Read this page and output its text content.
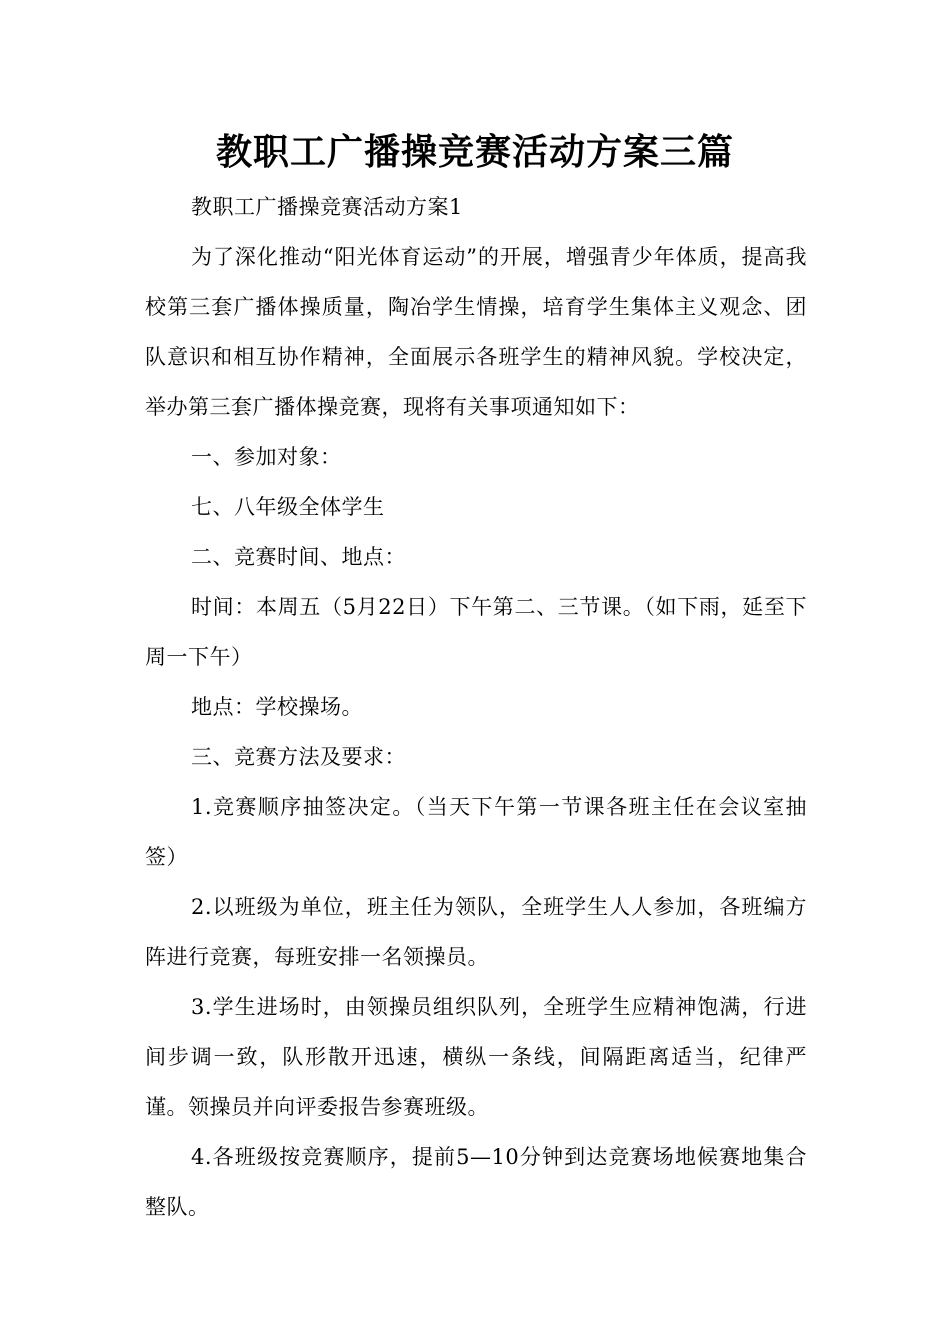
教职工广播操竞赛活动方案三篇

教职工广播操竞赛活动方案1

为了深化推动“阳光体育运动”的开展，增强青少年体质，提高我校第三套广播体操质量，陶冶学生情操，培育学生集体主义观念、团队意识和相互协作精神，全面展示各班学生的精神风貌。学校决定，举办第三套广播体操竞赛，现将有关事项通知如下：

一、参加对象：

七、八年级全体学生

二、竞赛时间、地点：

时间：本周五（5月22日）下午第二、三节课。（如下雨，延至下周一下午）

地点：学校操场。

三、竞赛方法及要求：

1.竞赛顺序抽签决定。（当天下午第一节课各班主任在会议室抽签）

2.以班级为单位，班主任为领队，全班学生人人参加，各班编方阵进行竞赛，每班安排一名领操员。

3.学生进场时，由领操员组织队列，全班学生应精神饱满，行进间步调一致，队形散开迅速，横纵一条线，间隔距离适当，纪律严谨。领操员并向评委报告参赛班级。

4.各班级按竞赛顺序，提前5—10分钟到达竞赛场地候赛地集合整队。
